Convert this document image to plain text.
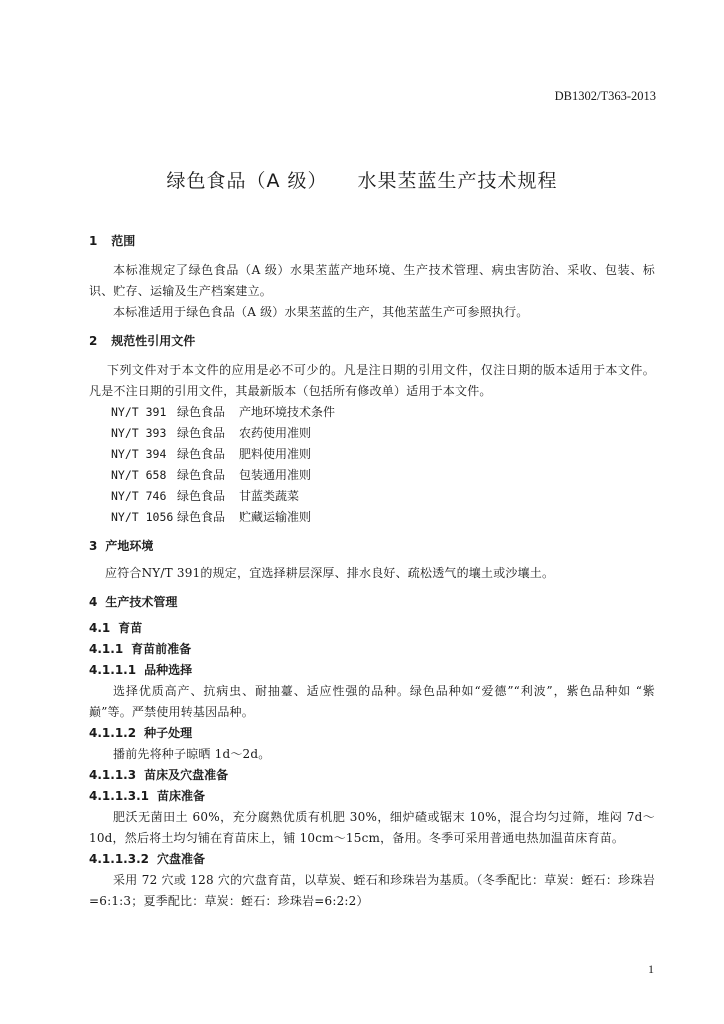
DB1302/T363-2013
绿色食品（A 级） 水果苤蓝生产技术规程
1 范围

本标准规定了绿色食品（A 级）水果苤蓝产地环境、生产技术管理、病虫害防治、采收、包装、标识、贮存、运输及生产档案建立。

本标准适用于绿色食品（A 级）水果苤蓝的生产，其他苤蓝生产可参照执行。

2 规范性引用文件

下列文件对于本文件的应用是必不可少的。凡是注日期的引用文件，仅注日期的版本适用于本文件。凡是不注日期的引用文件，其最新版本（包括所有修改单）适用于本文件。

NY/T 391 绿色食品 产地环境技术条件
NY/T 393 绿色食品 农药使用准则
NY/T 394 绿色食品 肥料使用准则
NY/T 658 绿色食品 包装通用准则
NY/T 746 绿色食品 甘蓝类蔬菜
NY/T 1056 绿色食品 贮藏运输准则
3 产地环境

应符合NY/T 391的规定，宜选择耕层深厚、排水良好、疏松透气的壤土或沙壤土。

4 生产技术管理
4.1 育苗
4.1.1 育苗前准备
4.1.1.1 品种选择

选择优质高产、抗病虫、耐抽薹、适应性强的品种。绿色品种如“爱德”“利波”，紫色品种如 “紫巅”等。严禁使用转基因品种。

4.1.1.2 种子处理

播前先将种子晾晒 1d～2d。

4.1.1.3 苗床及穴盘准备
4.1.1.3.1 苗床准备

肥沃无菌田土 60%，充分腐熟优质有机肥 30%，细炉碴或锯末 10%，混合均匀过筛，堆闷 7d～10d，然后将土均匀铺在育苗床上，铺 10cm～15cm，备用。冬季可采用普通电热加温苗床育苗。

4.1.1.3.2 穴盘准备

采用 72 穴或 128 穴的穴盘育苗，以草炭、蛭石和珍珠岩为基质。（冬季配比：草炭：蛭石：珍珠岩=6:1:3；夏季配比：草炭：蛭石：珍珠岩=6:2:2）

1
